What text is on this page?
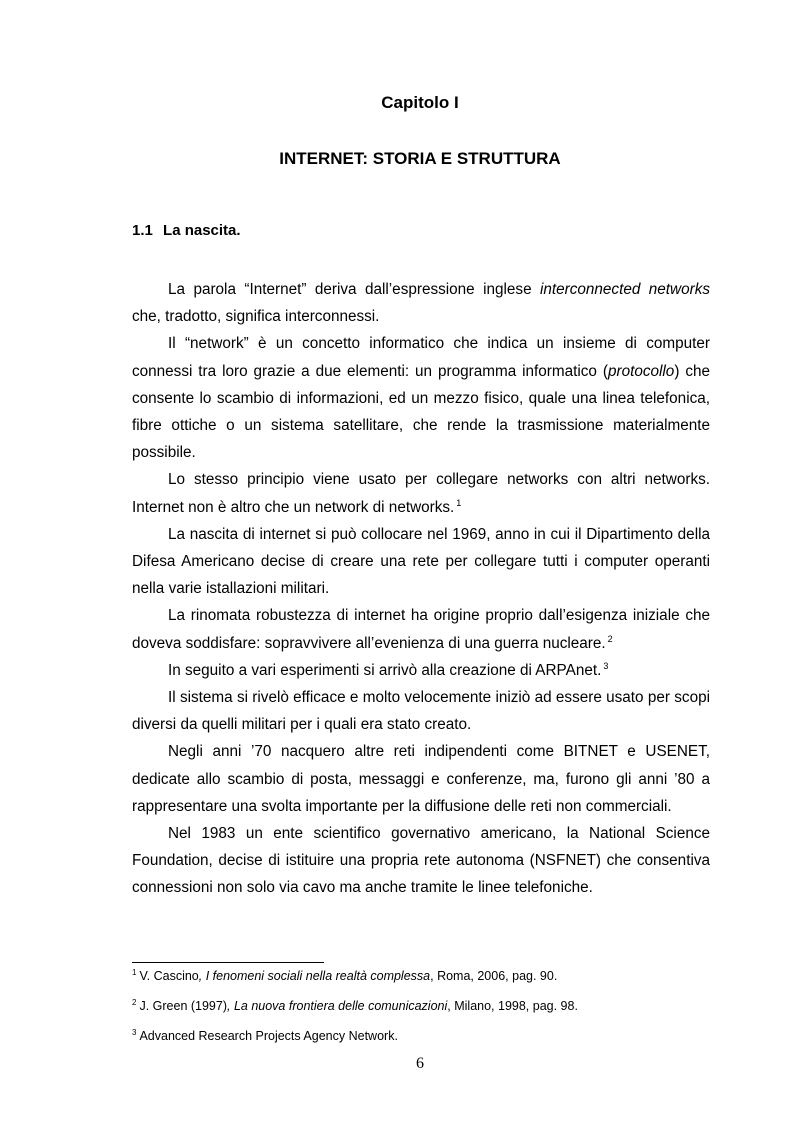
Capitolo I
INTERNET: STORIA E STRUTTURA
1.1 La nascita.

La parola “Internet” deriva dall’espressione inglese interconnected networks che, tradotto, significa interconnessi.

Il “network” è un concetto informatico che indica un insieme di computer connessi tra loro grazie a due elementi: un programma informatico (protocollo) che consente lo scambio di informazioni, ed un mezzo fisico, quale una linea telefonica, fibre ottiche o un sistema satellitare, che rende la trasmissione materialmente possibile.

Lo stesso principio viene usato per collegare networks con altri networks. Internet non è altro che un network di networks. $^1$

La nascita di internet si può collocare nel 1969, anno in cui il Dipartimento della Difesa Americano decise di creare una rete per collegare tutti i computer operanti nella varie istallazioni militari.

La rinomata robustezza di internet ha origine proprio dall’esigenza iniziale che doveva soddisfare: sopravvivere all’evenienza di una guerra nucleare. $^2$

In seguito a vari esperimenti si arrivò alla creazione di ARPAnet. $^3$

Il sistema si rivelò efficace e molto velocemente iniziò ad essere usato per scopi diversi da quelli militari per i quali era stato creato.

Negli anni ’70 nacquero altre reti indipendenti come BITNET e USENET, dedicate allo scambio di posta, messaggi e conferenze, ma, furono gli anni ’80 a rappresentare una svolta importante per la diffusione delle reti non commerciali.

Nel 1983 un ente scientifico governativo americano, la National Science Foundation, decise di istituire una propria rete autonoma (NSFNET) che consentiva connessioni non solo via cavo ma anche tramite le linee telefoniche.

$^1$ V. Cascino, I fenomeni sociali nella realtà complessa, Roma, 2006, pag. 90.

$^2$ J. Green (1997), La nuova frontiera delle comunicazioni, Milano, 1998, pag. 98.

$^3$ Advanced Research Projects Agency Network.

6
